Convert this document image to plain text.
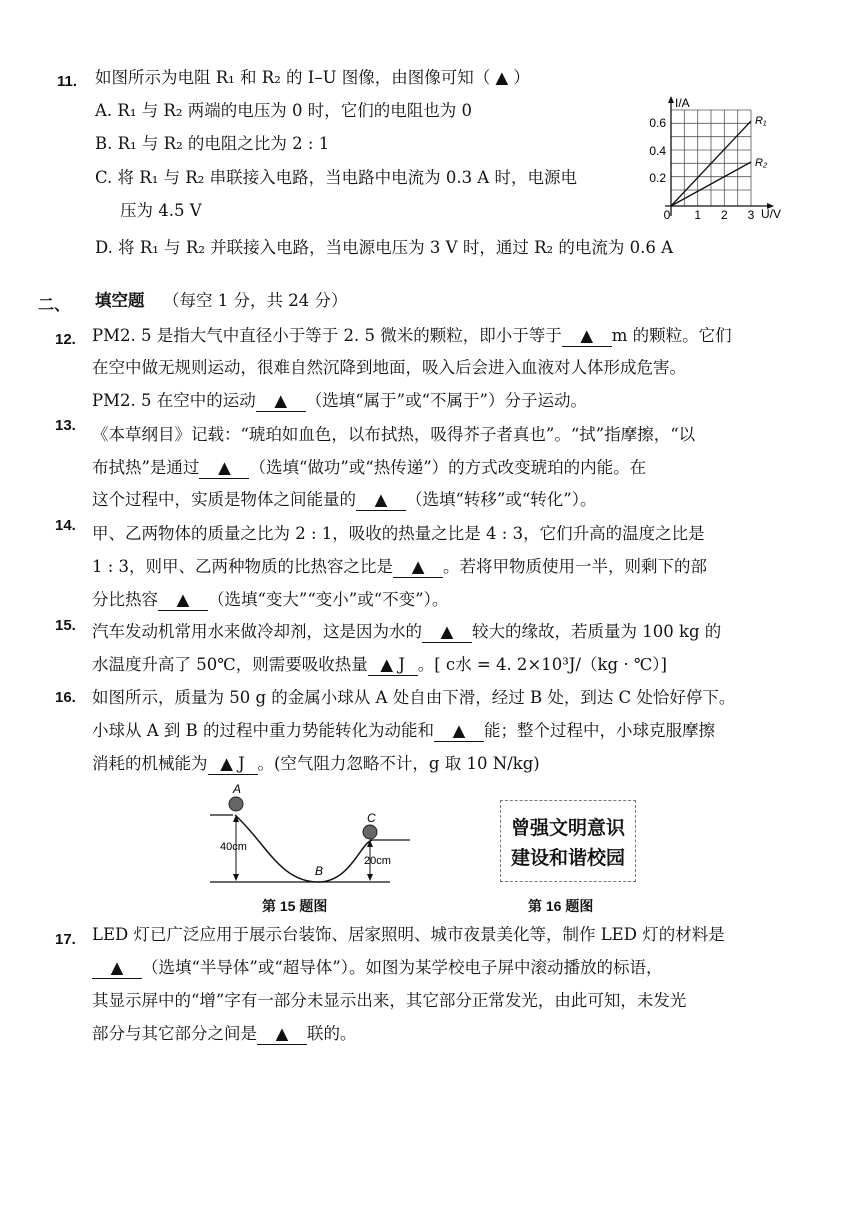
11. 如图所示为电阻 R₁ 和 R₂ 的 I–U 图像，由图像可知（ ▲ ）
A. R₁ 与 R₂ 两端的电压为 0 时，它们的电阻也为 0
B. R₁ 与 R₂ 的电阻之比为 2 : 1
C. 将 R₁ 与 R₂ 串联接入电路，当电路中电流为 0.3 A 时，电源电
压为 4.5 V
D. 将 R₁ 与 R₂ 并联接入电路，当电源电压为 3 V 时，通过 R₂ 的电流为 0.6 A
I/A
U/V
0
0.2
0.4
0.6
1 2 3
R₁
R₂
二、 填空题 （每空 1 分，共 24 分）
12. PM2. 5 是指大气中直径小于等于 2. 5 微米的颗粒，即小于等于 ▲ m 的颗粒。它们
在空中做无规则运动，很难自然沉降到地面，吸入后会进入血液对人体形成危害。
PM2. 5 在空中的运动 ▲ （选填“属于”或“不属于”）分子运动。
13. 《本草纲目》记载：“琥珀如血色，以布拭热，吸得芥子者真也”。“拭”指摩擦，“以
布拭热”是通过 ▲ （选填“做功”或“热传递”）的方式改变琥珀的内能。在
这个过程中，实质是物体之间能量的 ▲ （选填“转移”或“转化”）。
14. 甲、乙两物体的质量之比为 2 : 1，吸收的热量之比是 4 : 3，它们升高的温度之比是
1 : 3，则甲、乙两种物质的比热容之比是 ▲ 。若将甲物质使用一半，则剩下的部
分比热容 ▲ （选填“变大”“变小”或“不变”）。
15. 汽车发动机常用水来做冷却剂，这是因为水的 ▲ 较大的缘故，若质量为 100 kg 的
水温度升高了 50℃，则需要吸收热量 ▲ J 。[ c水 = 4. 2×10³J/（kg · ℃）]
16. 如图所示，质量为 50 g 的金属小球从 A 处自由下滑，经过 B 处，到达 C 处恰好停下。
小球从 A 到 B 的过程中重力势能转化为动能和 ▲ 能；整个过程中，小球克服摩擦
消耗的机械能为 ▲ J 。(空气阻力忽略不计，g 取 10 N/kg)
A
B
C
40cm
20cm
曾强文明意识
建设和谐校园
第 15 题图	第 16 题图
17. LED 灯已广泛应用于展示台装饰、居家照明、城市夜景美化等，制作 LED 灯的材料是
▲ （选填“半导体”或“超导体”）。如图为某学校电子屏中滚动播放的标语，
其显示屏中的“增”字有一部分未显示出来，其它部分正常发光，由此可知，未发光
部分与其它部分之间是 ▲ 联的。
